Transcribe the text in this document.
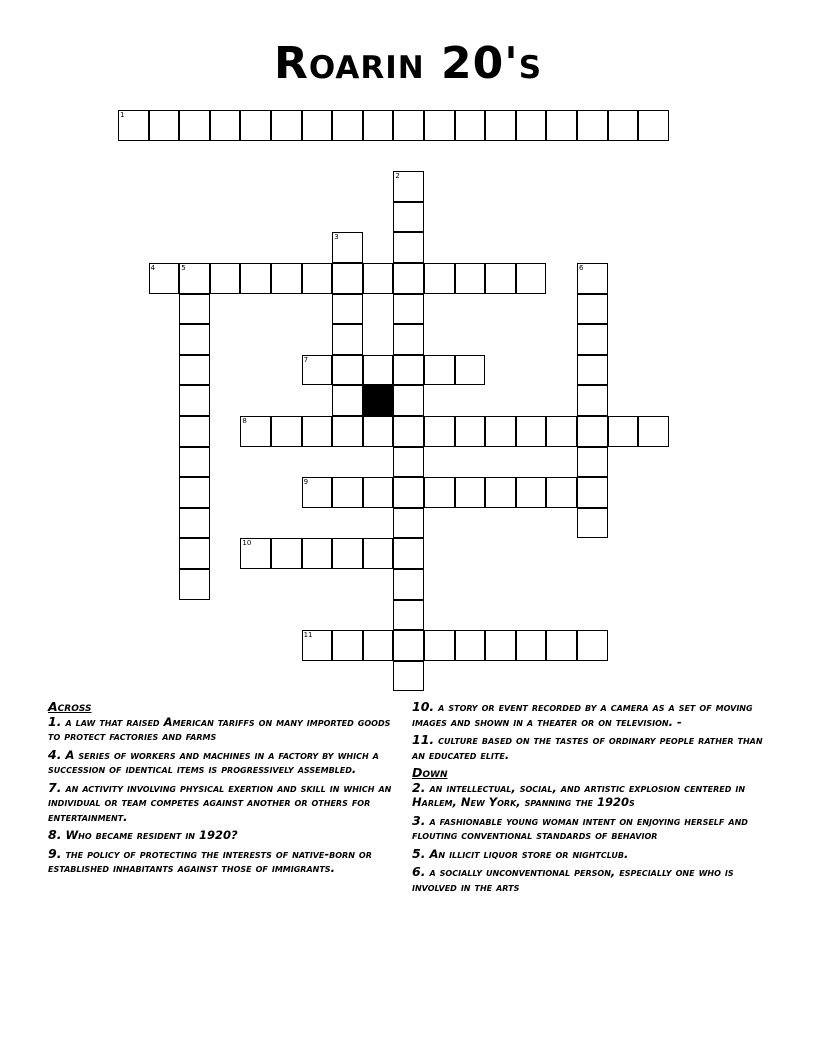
Roarin 20's
1
2
3
4	5	6
7
8
9
10
11

Across

1. a law that raised American tariffs on many imported goods to protect factories and farms

4. A series of workers and machines in a factory by which a succession of identical items is progressively assembled.

7. an activity involving physical exertion and skill in which an individual or team competes against another or others for entertainment.

8. Who became resident in 1920?

9. the policy of protecting the interests of native-born or established inhabitants against those of immigrants.

10. a story or event recorded by a camera as a set of moving images and shown in a theater or on television. -

11. culture based on the tastes of ordinary people rather than an educated elite.

Down

2. an intellectual, social, and artistic explosion centered in Harlem, New York, spanning the 1920s

3. a fashionable young woman intent on enjoying herself and flouting conventional standards of behavior

5. An illicit liquor store or nightclub.

6. a socially unconventional person, especially one who is involved in the arts
